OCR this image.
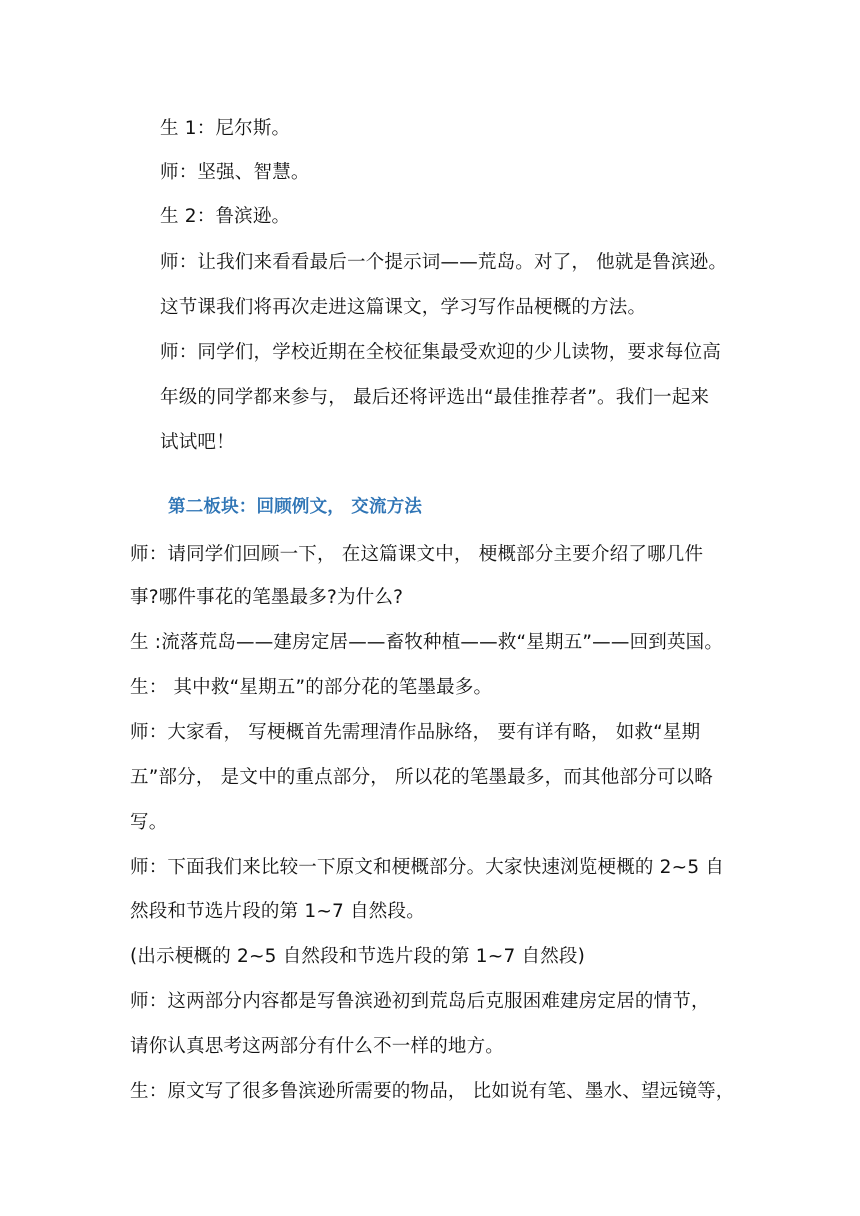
生 1：尼尔斯。
师：坚强、智慧。
生 2：鲁滨逊。
师：让我们来看看最后一个提示词——荒岛。对了， 他就是鲁滨逊。
这节课我们将再次走进这篇课文，学习写作品梗概的方法。
师：同学们，学校近期在全校征集最受欢迎的少儿读物，要求每位高
年级的同学都来参与， 最后还将评选出“最佳推荐者”。我们一起来
试试吧！
第二板块：回顾例文， 交流方法
师：请同学们回顾一下， 在这篇课文中， 梗概部分主要介绍了哪几件
事?哪件事花的笔墨最多?为什么?
生 :流落荒岛——建房定居——畜牧种植——救“星期五”——回到英国。
生： 其中救“星期五”的部分花的笔墨最多。
师：大家看， 写梗概首先需理清作品脉络， 要有详有略， 如救“星期
五”部分， 是文中的重点部分， 所以花的笔墨最多，而其他部分可以略
写。
师：下面我们来比较一下原文和梗概部分。大家快速浏览梗概的 2~5 自
然段和节选片段的第 1~7 自然段。
(出示梗概的 2~5 自然段和节选片段的第 1~7 自然段)
师：这两部分内容都是写鲁滨逊初到荒岛后克服困难建房定居的情节，
请你认真思考这两部分有什么不一样的地方。
生：原文写了很多鲁滨逊所需要的物品， 比如说有笔、墨水、望远镜等，
